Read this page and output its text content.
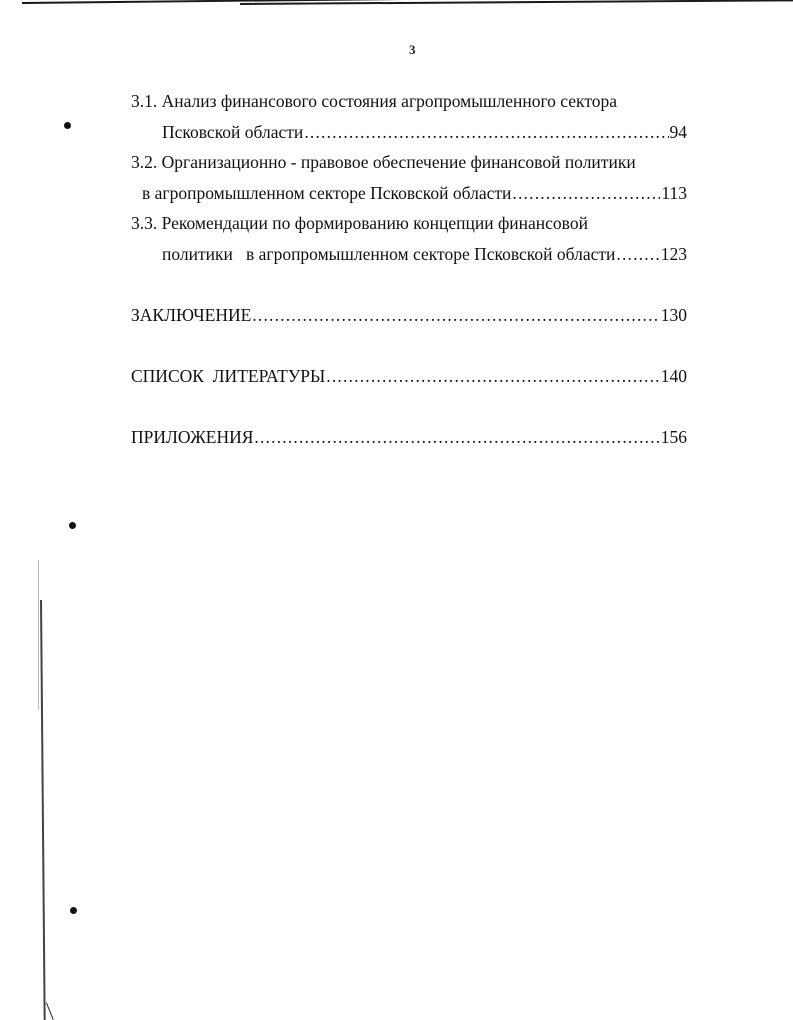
3
3.1. Анализ финансового состояния агропромышленного сектора
Псковской области .....	94
3.2. Организационно - правовое обеспечение финансовой политики
в агропромышленном секторе Псковской области .....	113
3.3. Рекомендации по формированию концепции финансовой
политики   в агропромышленном секторе Псковской области .....	123
ЗАКЛЮЧЕНИЕ .....	130
СПИСОК  ЛИТЕРАТУРЫ .....	140
ПРИЛОЖЕНИЯ .....	156
